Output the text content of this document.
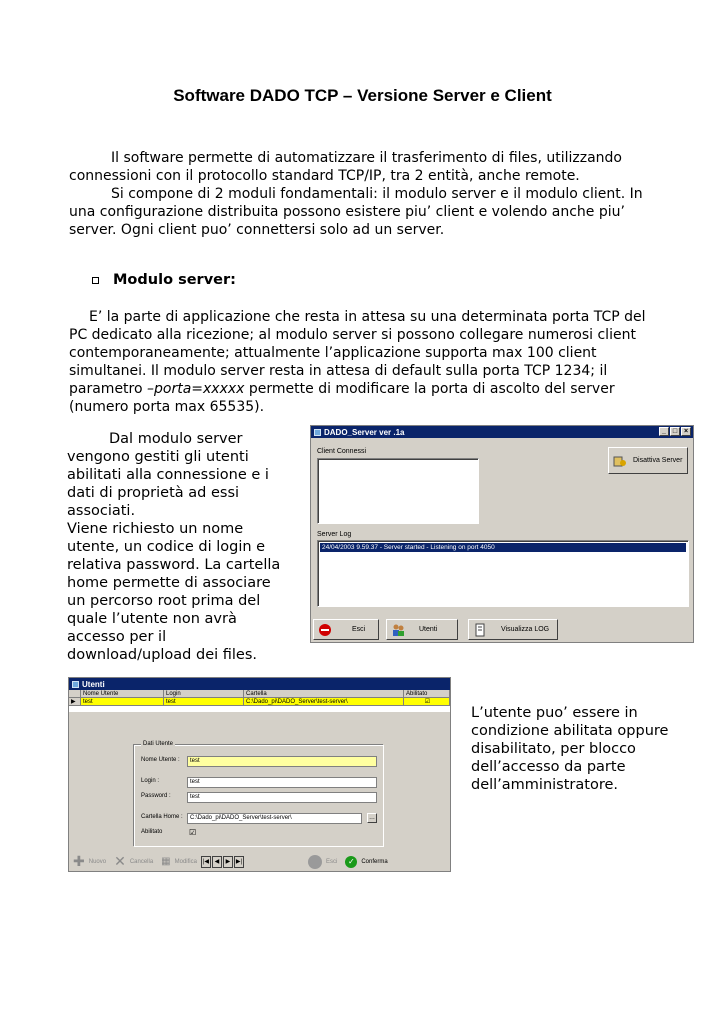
Software DADO TCP – Versione Server e Client
Il software permette di automatizzare il trasferimento di files, utilizzando connessioni con il protocollo standard TCP/IP, tra 2 entità, anche remote.
Si compone di 2 moduli fondamentali: il modulo server e il modulo client. In una configurazione distribuita possono esistere piu’ client e volendo anche piu’ server. Ogni client puo’ connettersi solo ad un server.
Modulo server:
E’ la parte di applicazione che resta in attesa su una determinata porta TCP del PC dedicato alla ricezione; al modulo server si possono collegare numerosi client contemporaneamente; attualmente l’applicazione supporta max 100 client simultanei. Il modulo server resta in attesa di default sulla porta TCP 1234; il parametro –porta=xxxxx permette di modificare la porta di ascolto del server (numero porta max 65535).
Dal modulo server vengono gestiti gli utenti abilitati alla connessione e i dati di proprietà ad essi associati.
Viene richiesto un nome utente, un codice di login e relativa password. La cartella home permette di associare un percorso root prima del quale l’utente non avrà accesso per il download/upload dei files.
DADO_Server ver .1a	_ □ ×
Client Connessi
Disattiva Server
Server Log
24/04/2003 9.59.37 - Server started - Listening on port 4050
Esci	Utenti	Visualizza LOG
Utenti
Nome Utente	Login	Cartella	Abilitato
▶	test	test	C:\Dado_pi\DADO_Server\test-server\	☑
Dati Utente
Nome Utente :	test
Login :	test
Password :	test
Cartella Home :	C:\Dado_pi\DADO_Server\test-server\	…
Abilitato	☑
✚ Nuovo ✕ Cancella ▦ Modifica |◀ ◀	▶ ▶|	Esci	✓	Conferma
L’utente puo’ essere in condizione abilitata oppure disabilitato, per blocco dell’accesso da parte dell’amministratore.
